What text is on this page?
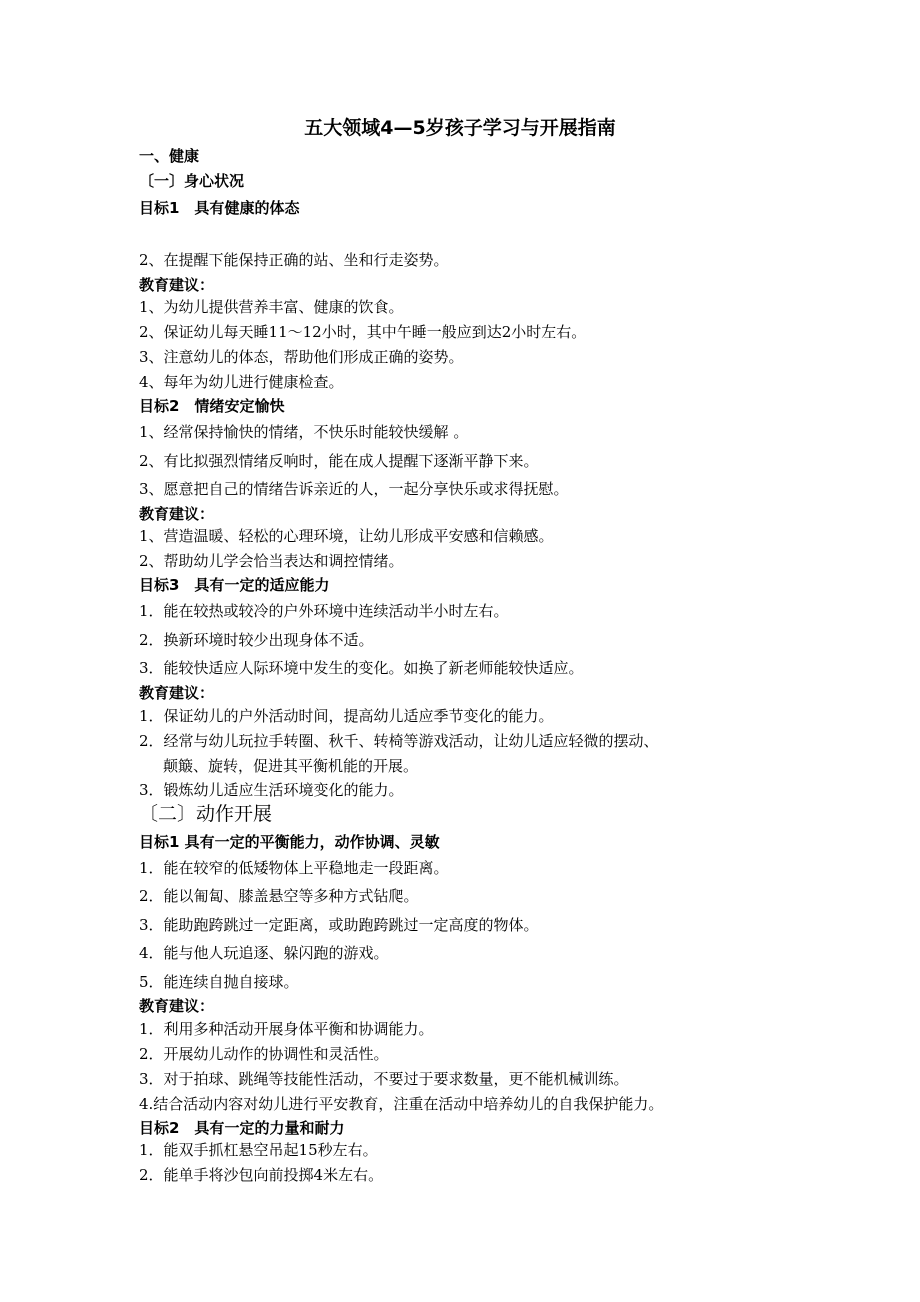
五大领域4—5岁孩子学习与开展指南
一、健康
〔一〕身心状况
目标1　具有健康的体态
2、在提醒下能保持正确的站、坐和行走姿势。
教育建议：
1、为幼儿提供营养丰富、健康的饮食。
2、保证幼儿每天睡11～12小时，其中午睡一般应到达2小时左右。
3、注意幼儿的体态，帮助他们形成正确的姿势。
4、每年为幼儿进行健康检查。
目标2　情绪安定愉快
1、经常保持愉快的情绪，不快乐时能较快缓解 。
2、有比拟强烈情绪反响时，能在成人提醒下逐渐平静下来。
3、愿意把自己的情绪告诉亲近的人，一起分享快乐或求得抚慰。
教育建议：
1、营造温暖、轻松的心理环境，让幼儿形成平安感和信赖感。
2、帮助幼儿学会恰当表达和调控情绪。
目标3　具有一定的适应能力
1．能在较热或较冷的户外环境中连续活动半小时左右。
2．换新环境时较少出现身体不适。
3．能较快适应人际环境中发生的变化。如换了新老师能较快适应。
教育建议：
1．保证幼儿的户外活动时间，提高幼儿适应季节变化的能力。
2．经常与幼儿玩拉手转圈、秋千、转椅等游戏活动，让幼儿适应轻微的摆动、
颠簸、旋转，促进其平衡机能的开展。
3．锻炼幼儿适应生活环境变化的能力。
〔二〕动作开展
目标1 具有一定的平衡能力，动作协调、灵敏
1．能在较窄的低矮物体上平稳地走一段距离。
2．能以匍匐、膝盖悬空等多种方式钻爬。
3．能助跑跨跳过一定距离，或助跑跨跳过一定高度的物体。
4．能与他人玩追逐、躲闪跑的游戏。
5．能连续自抛自接球。
教育建议：
1．利用多种活动开展身体平衡和协调能力。
2．开展幼儿动作的协调性和灵活性。
3．对于拍球、跳绳等技能性活动，不要过于要求数量，更不能机械训练。
4.结合活动内容对幼儿进行平安教育，注重在活动中培养幼儿的自我保护能力。
目标2　具有一定的力量和耐力
1．能双手抓杠悬空吊起15秒左右。
2．能单手将沙包向前投掷4米左右。
